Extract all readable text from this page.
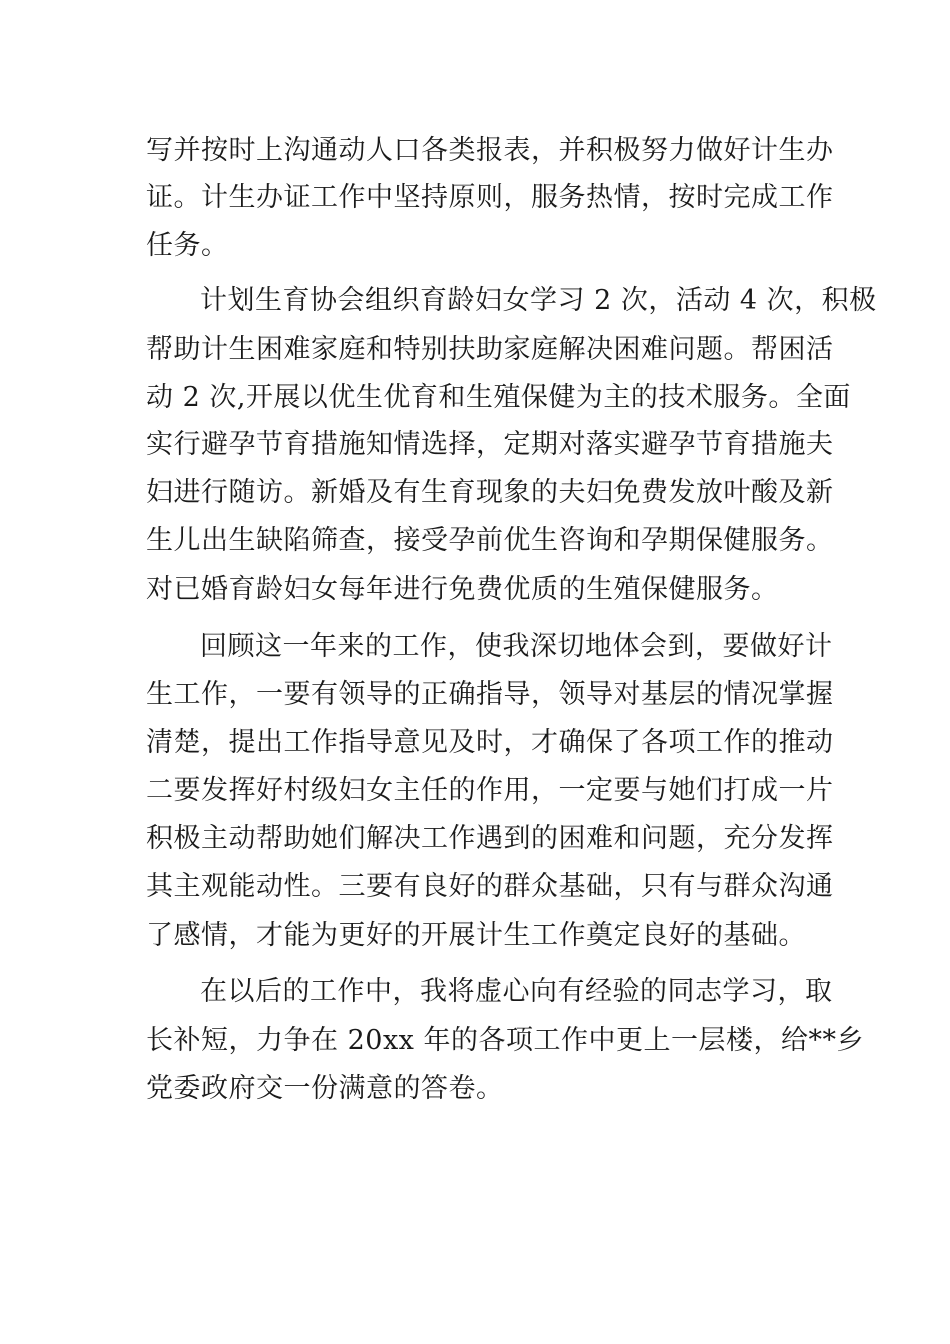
写并按时上沟通动人口各类报表，并积极努力做好计生办
证。计生办证工作中坚持原则，服务热情，按时完成工作
任务。
计划生育协会组织育龄妇女学习 2 次，活动 4 次，积极
帮助计生困难家庭和特别扶助家庭解决困难问题。帮困活
动 2 次,开展以优生优育和生殖保健为主的技术服务。全面
实行避孕节育措施知情选择，定期对落实避孕节育措施夫
妇进行随访。新婚及有生育现象的夫妇免费发放叶酸及新
生儿出生缺陷筛查，接受孕前优生咨询和孕期保健服务。
对已婚育龄妇女每年进行免费优质的生殖保健服务。
回顾这一年来的工作，使我深切地体会到，要做好计
生工作，一要有领导的正确指导，领导对基层的情况掌握
清楚，提出工作指导意见及时，才确保了各项工作的推动
二要发挥好村级妇女主任的作用，一定要与她们打成一片
积极主动帮助她们解决工作遇到的困难和问题，充分发挥
其主观能动性。三要有良好的群众基础，只有与群众沟通
了感情，才能为更好的开展计生工作奠定良好的基础。
在以后的工作中，我将虚心向有经验的同志学习，取
长补短，力争在 20xx 年的各项工作中更上一层楼，给**乡
党委政府交一份满意的答卷。
